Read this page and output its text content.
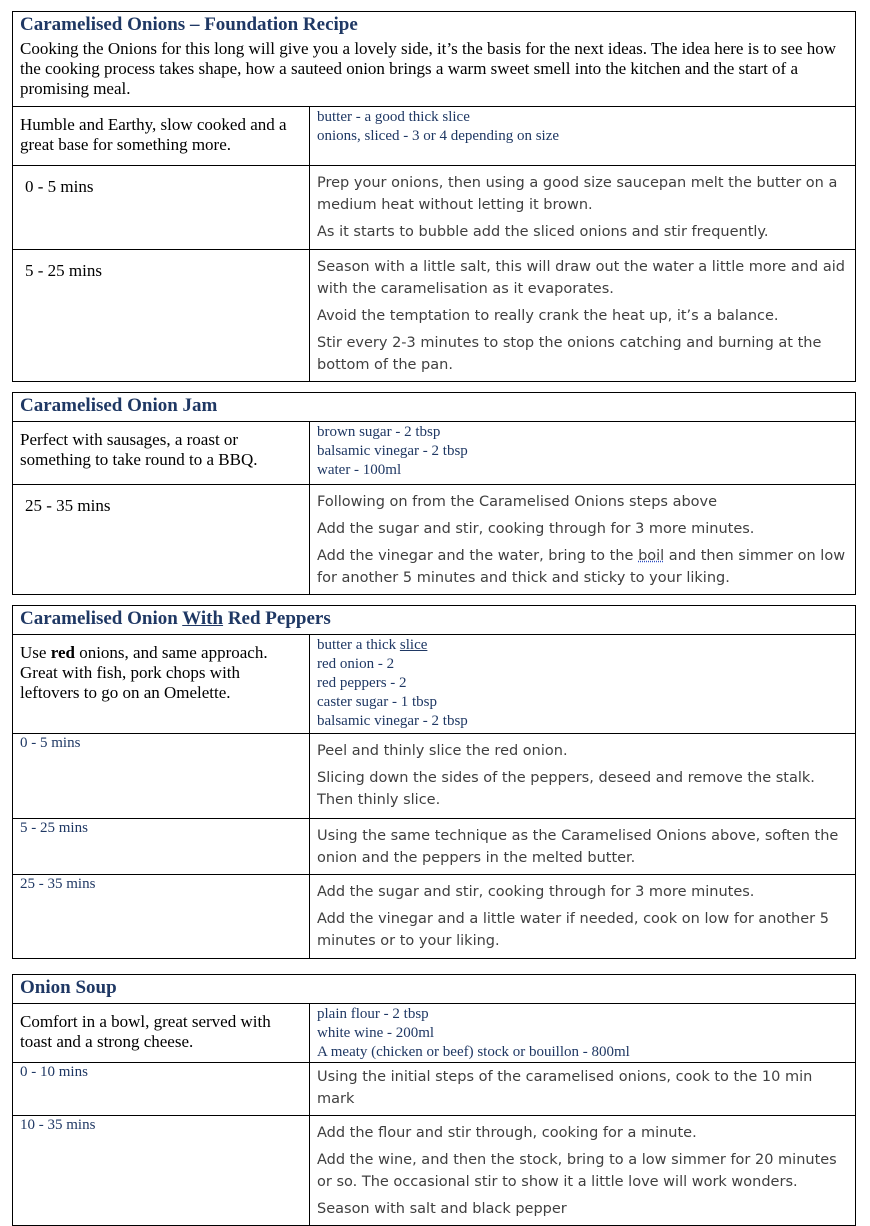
Caramelised Onions – Foundation Recipe
Cooking the Onions for this long will give you a lovely side, it’s the basis for the next ideas. The idea here is to see how the cooking process takes shape, how a sauteed onion brings a warm sweet smell into the kitchen and the start of a promising meal.	

Humble and Earthy, slow cooked and a great base for something more.	butter - a good thick slice
onions, sliced - 3 or 4 depending on size

0 - 5 mins	Prep your onions, then using a good size saucepan melt the butter on a medium heat without letting it brown.

As it starts to bubble add the sliced onions and stir frequently.

5 - 25 mins	Season with a little salt, this will draw out the water a little more and aid with the caramelisation as it evaporates.

Avoid the temptation to really crank the heat up, it’s a balance.

Stir every 2-3 minutes to stop the onions catching and burning at the bottom of the pan.

Caramelised Onion Jam	
Perfect with sausages, a roast or something to take round to a BBQ.	brown sugar - 2 tbsp
balsamic vinegar - 2 tbsp
water - 100ml

25 - 35 mins	Following on from the Caramelised Onions steps above

Add the sugar and stir, cooking through for 3 more minutes.

Add the vinegar and the water, bring to the boil and then simmer on low for another 5 minutes and thick and sticky to your liking.

Caramelised Onion With Red Peppers	
Use red onions, and same approach. Great with fish, pork chops with leftovers to go on an Omelette.	butter a thick slice
red onion - 2
red peppers - 2
caster sugar - 1 tbsp
balsamic vinegar - 2 tbsp

0 - 5 mins	Peel and thinly slice the red onion.

Slicing down the sides of the peppers, deseed and remove the stalk. Then thinly slice.

5 - 25 mins	Using the same technique as the Caramelised Onions above, soften the onion and the peppers in the melted butter.

25 - 35 mins	Add the sugar and stir, cooking through for 3 more minutes.

Add the vinegar and a little water if needed, cook on low for another 5 minutes or to your liking.

Onion Soup	
Comfort in a bowl, great served with toast and a strong cheese.	plain flour - 2 tbsp
white wine - 200ml
A meaty (chicken or beef) stock or bouillon - 800ml

0 - 10 mins	Using the initial steps of the caramelised onions, cook to the 10 min mark

10 - 35 mins	Add the flour and stir through, cooking for a minute.

Add the wine, and then the stock, bring to a low simmer for 20 minutes or so. The occasional stir to show it a little love will work wonders.

Season with salt and black pepper
